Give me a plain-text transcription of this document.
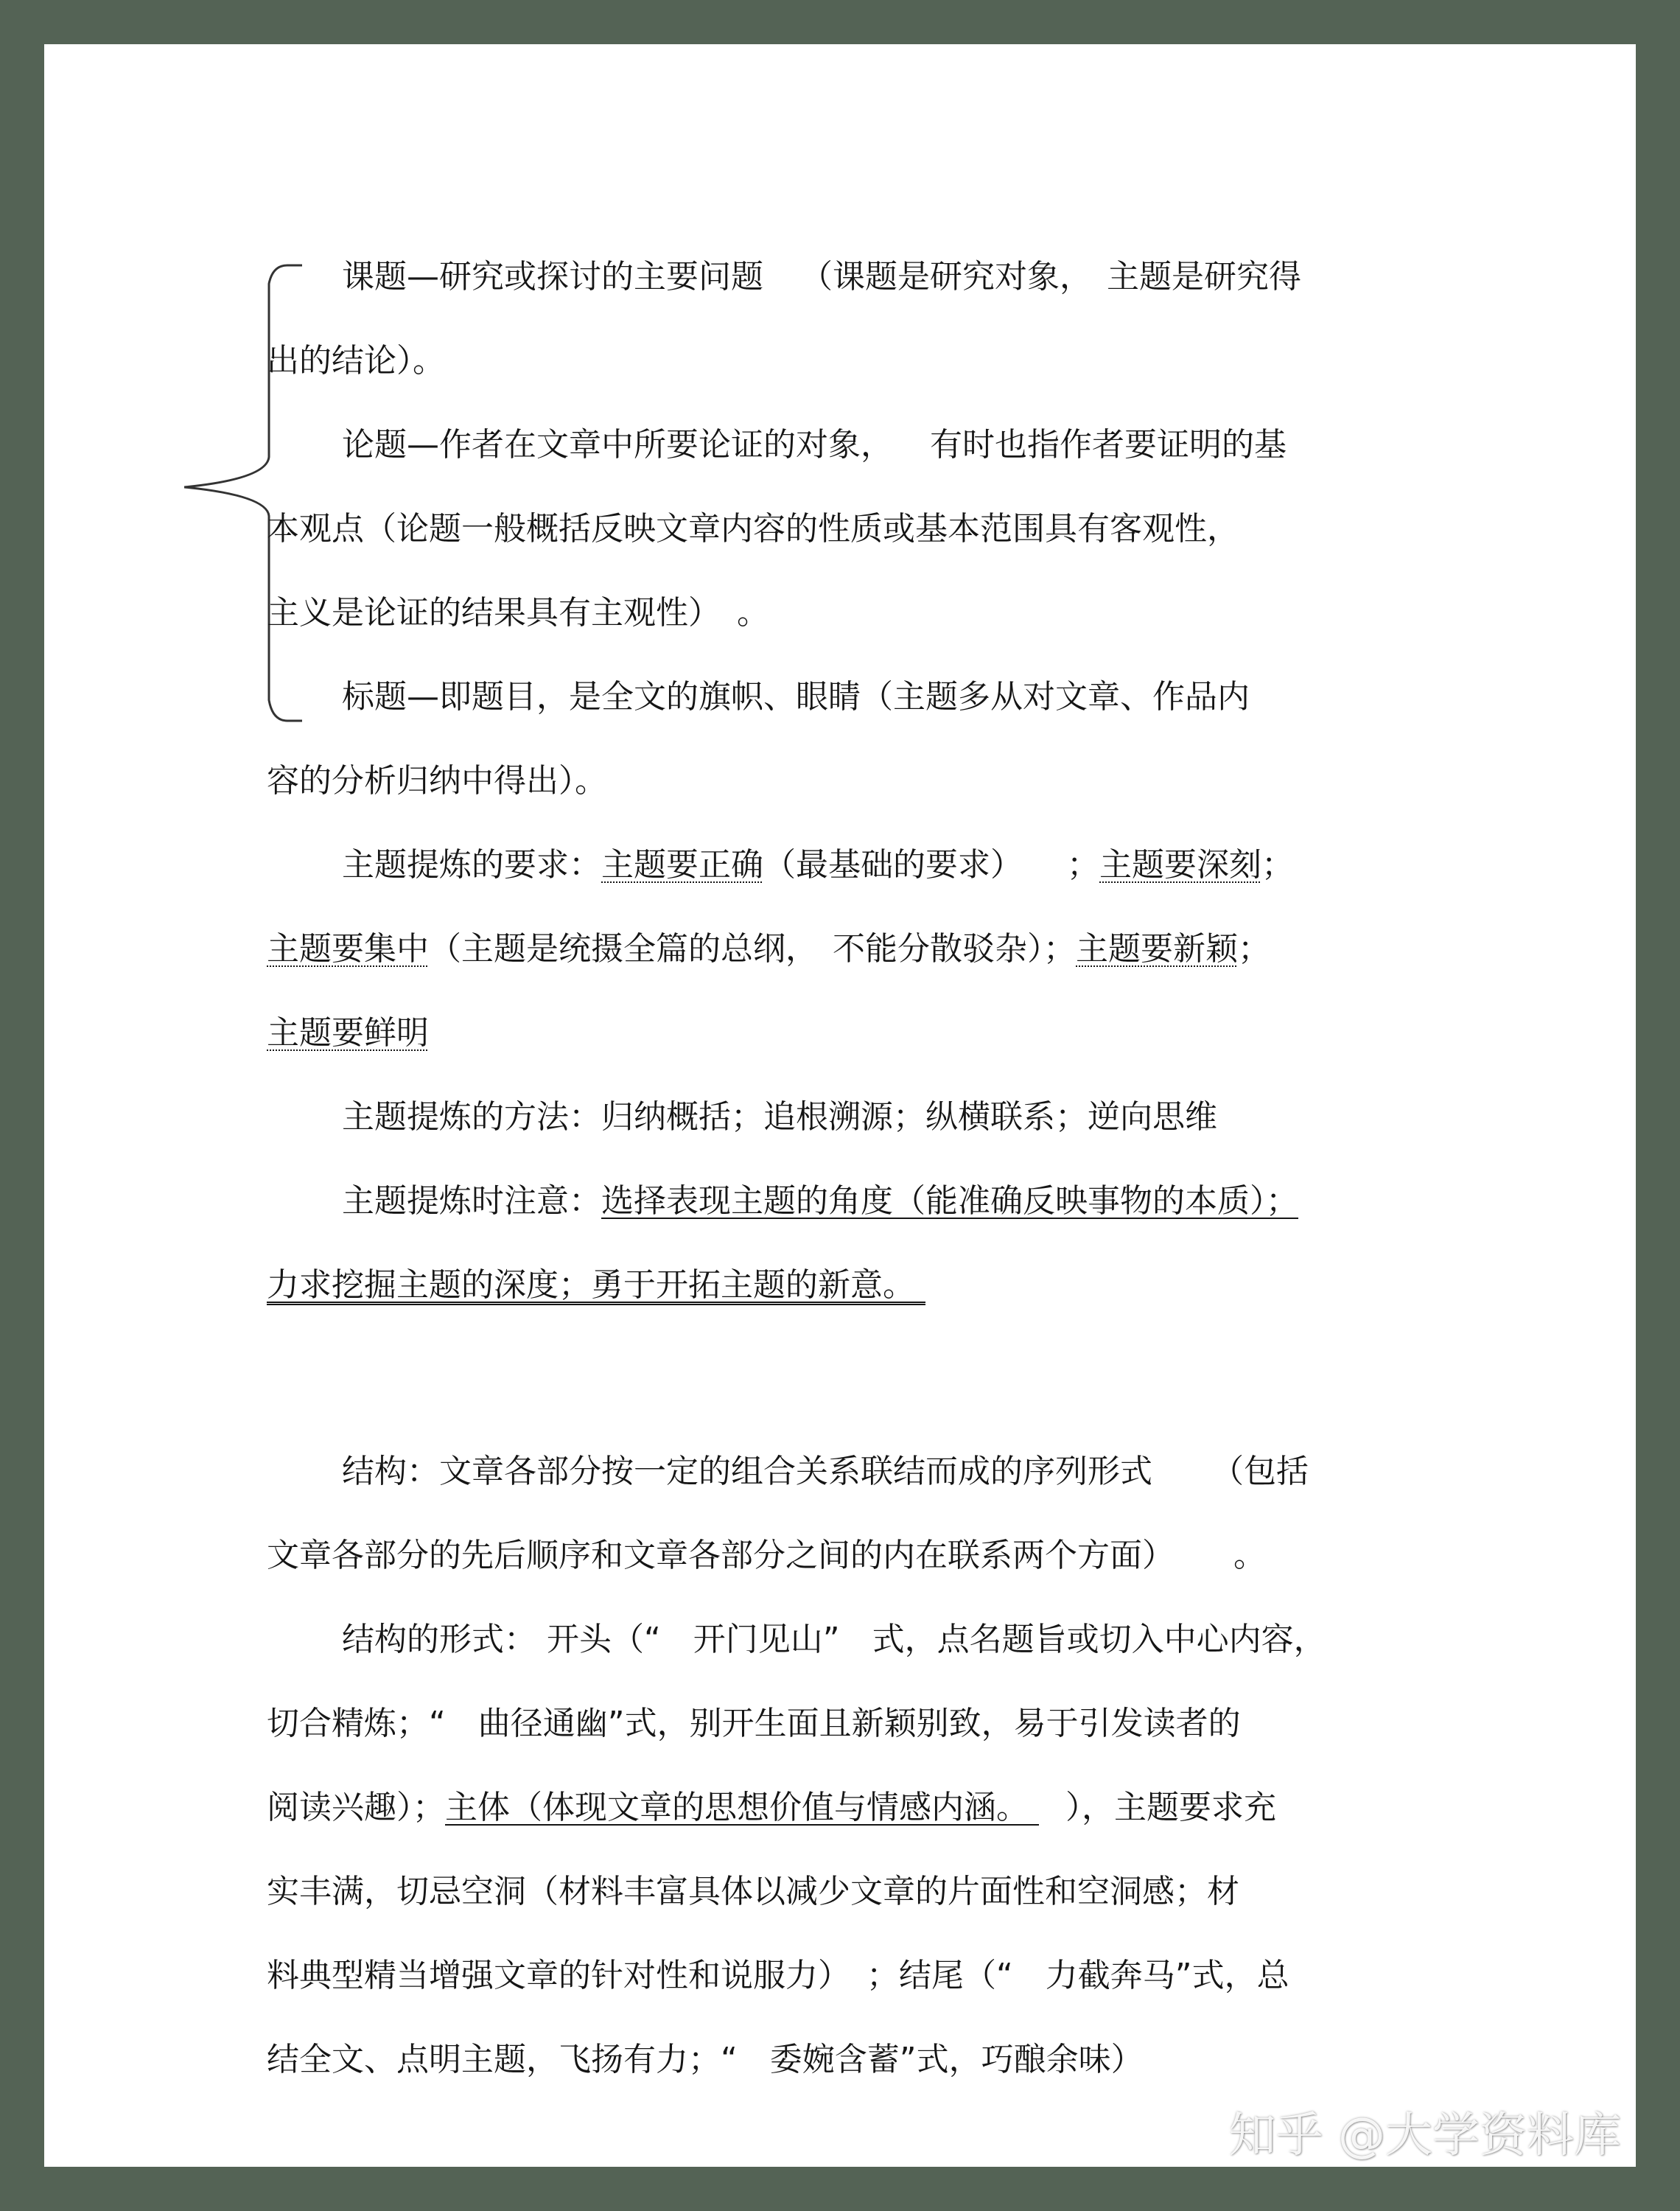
课题—研究或探讨的主要问题 （课题是研究对象， 主题是研究得
出的结论）。
论题—作者在文章中所要论证的对象， 有时也指作者要证明的基
本观点（论题一般概括反映文章内容的性质或基本范围具有客观性，
主义是论证的结果具有主观性）　。
标题—即题目，是全文的旗帜、眼睛（主题多从对文章、作品内
容的分析归纳中得出）。
主题提炼的要求：主题要正确（最基础的要求） ；主题要深刻；
主题要集中（主题是统摄全篇的总纲， 不能分散驳杂）；主题要新颖；
主题要鲜明
主题提炼的方法：归纳概括；追根溯源；纵横联系；逆向思维
主题提炼时注意：选择表现主题的角度（能准确反映事物的本质）；
力求挖掘主题的深度；勇于开拓主题的新意。
结构：文章各部分按一定的组合关系联结而成的序列形式 （包括
文章各部分的先后顺序和文章各部分之间的内在联系两个方面） 。
结构的形式： 开头（“　开门见山”　式，点名题旨或切入中心内容，
切合精炼；“　曲径通幽”式，别开生面且新颖别致，易于引发读者的
阅读兴趣）；主体（体现文章的思想价值与情感内涵。 ），主题要求充
实丰满，切忌空洞（材料丰富具体以减少文章的片面性和空洞感；材
料典型精当增强文章的针对性和说服力）　；结尾（“　力截奔马”式，总
结全文、点明主题，飞扬有力；“　委婉含蓄”式，巧酿余味）
知乎 @大学资料库
